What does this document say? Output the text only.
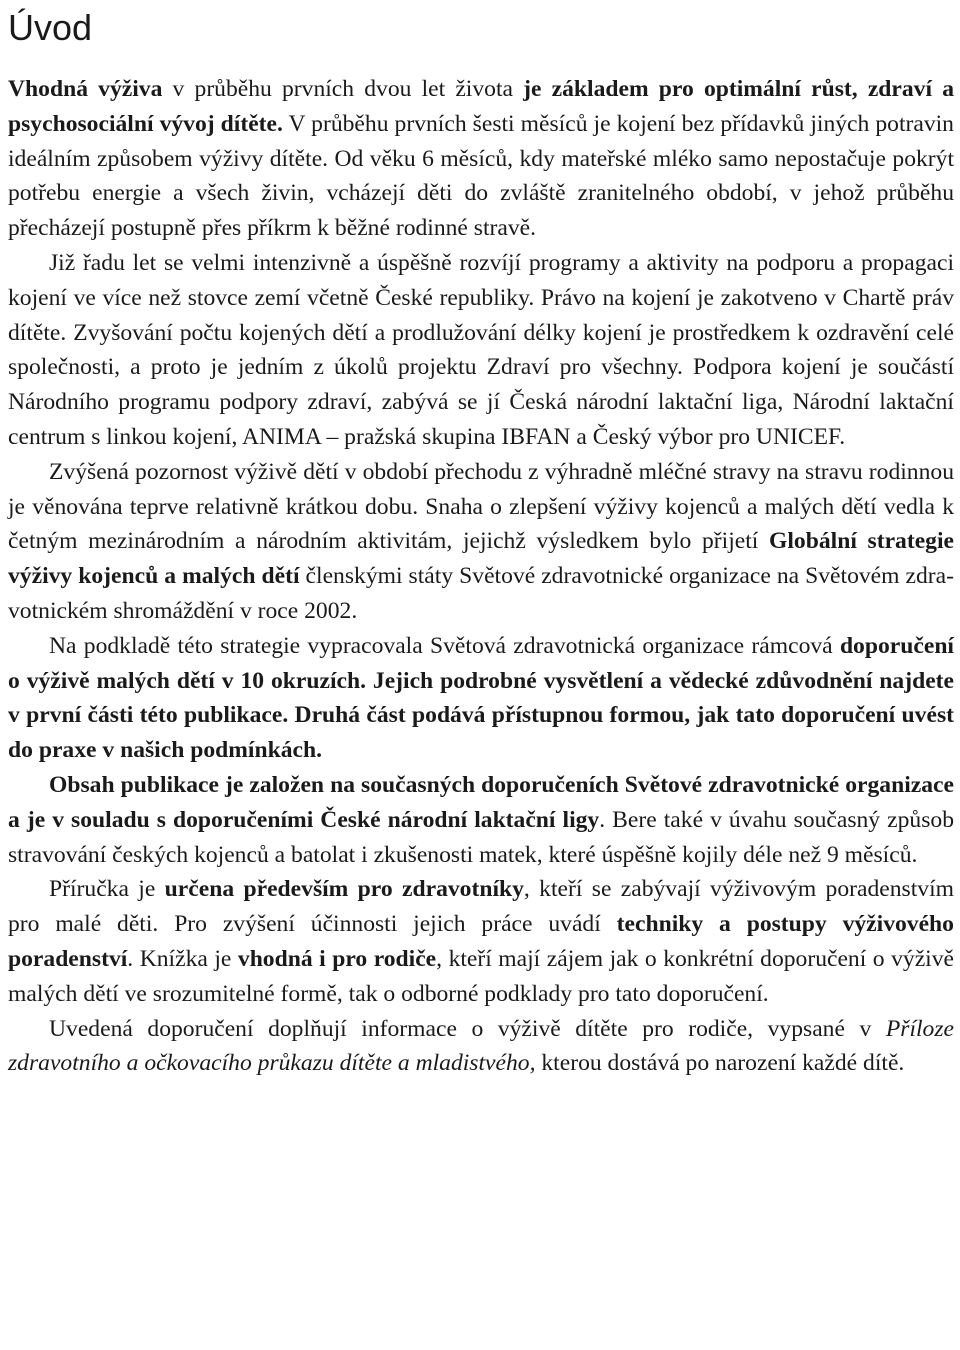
Úvod

Vhodná výživa v průběhu prvních dvou let života je základem pro optimální růst, zdraví a psychosociální vývoj dítěte. V průběhu prvních šesti měsíců je kojení bez přídavků jiných potravin ideálním způsobem výživy dítěte. Od věku 6 měsíců, kdy mateřské mléko samo nepostačuje pokrýt potřebu energie a všech živin, vcházejí děti do zvláště zranitelného období, v jehož průběhu přecházejí postupně přes příkrm k běžné rodinné stravě.

Již řadu let se velmi intenzivně a úspěšně rozvíjí programy a aktivity na podporu a propagaci kojení ve více než stovce zemí včetně České republiky. Právo na kojení je zakotveno v Chartě práv dítěte. Zvyšování počtu kojených dětí a prodlužování délky kojení je prostředkem k ozdravění celé společnosti, a proto je jedním z úkolů projektu Zdraví pro všechny. Podpora kojení je součástí Národního programu podpory zdraví, zabývá se jí Česká národní laktační liga, Národní laktační centrum s linkou kojení, ANIMA – pražská skupina IBFAN a Český výbor pro UNICEF.

Zvýšená pozornost výživě dětí v období přechodu z výhradně mléčné stravy na stravu rodinnou je věnována teprve relativně krátkou dobu. Snaha o zlepšení výživy kojenců a malých dětí vedla k četným mezinárodním a národním aktivitám, jejichž výsledkem bylo přijetí Globální strategie výživy kojenců a malých dětí členskými státy Světové zdravotnické organizace na Světovém zdravotnickém shromáždění v roce 2002.

Na podkladě této strategie vypracovala Světová zdravotnická organizace rámcová doporučení o výživě malých dětí v 10 okruzích. Jejich podrobné vysvětlení a vědecké zdůvodnění najdete v první části této publikace. Druhá část podává přístupnou formou, jak tato doporučení uvést do praxe v našich podmínkách.

Obsah publikace je založen na současných doporučeních Světové zdravotnické organizace a je v souladu s doporučeními České národní laktační ligy. Bere také v úvahu současný způsob stravování českých kojenců a batolat i zkušenosti matek, které úspěšně kojily déle než 9 měsíců.

Příručka je určena především pro zdravotníky, kteří se zabývají výživovým poradenstvím pro malé děti. Pro zvýšení účinnosti jejich práce uvádí techniky a postupy výživového poradenství. Knížka je vhodná i pro rodiče, kteří mají zájem jak o konkrétní doporučení o výživě malých dětí ve srozumitelné formě, tak o odborné podklady pro tato doporučení.

Uvedená doporučení doplňují informace o výživě dítěte pro rodiče, vypsané v Příloze zdravotního a očkovacího průkazu dítěte a mladistvého, kterou dostává po narození každé dítě.
